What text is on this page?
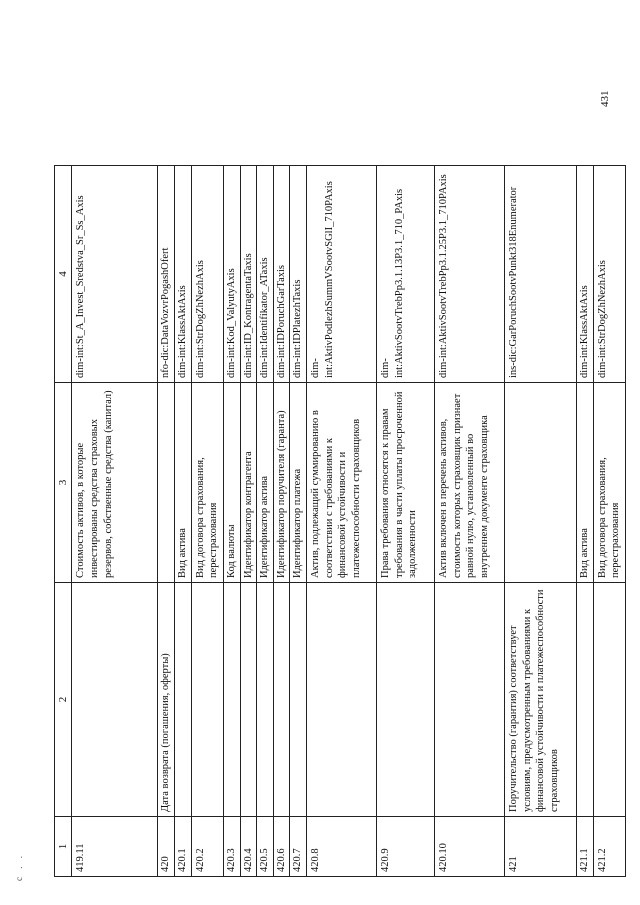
с . .
1	2	3	4
419.11		Стоимость активов, в которые инвестированы средства страховых резервов, собственные средства (капитал)	dim-int:St_A_Invest_Sredstva_Sr_Ss_Axis
420	Дата возврата (погашения, оферты)		nfo-dic:DataVozvrPogashOfert
420.1		Вид актива	dim-int:KlassAktAxis
420.2		Вид договора страхования, перестрахования	dim-int:StrDogZhNezhAxis
420.3		Код валюты	dim-int:Kod_ValyutyAxis
420.4		Идентификатор контрагента	dim-int:ID_KontragentaTaxis
420.5		Идентификатор актива	dim-int:Identifikator_ATaxis
420.6		Идентификатор поручителя (гаранта)	dim-int:IDPoruchGarTaxis
420.7		Идентификатор платежа	dim-int:IDPlatezhTaxis
420.8		Актив, подлежащий суммированию в соответствии с требованиями к финансовой устойчивости и платежеспособности страховщиков	dim-int:AktivPodlezhSummVSootvSGlI_710PAxis
420.9		Права требования относятся к правам требования в части уплаты просроченной задолженности	dim-int:AktivSootvTrebPp3.1.13P3.1_710_PAxis
420.10		Актив включен в перечень активов, стоимость которых страховщик признает равной нулю, установленный во внутреннем документе страховщика	dim-int:AktivSootvTrebPp3.1.25P3.1_710PAxis
421	Поручительство (гарантия) соответствует условиям, предусмотренным требованиями к финансовой устойчивости и платежеспособности страховщиков		ins-dic:GarPoruchSootvPunkt318Enumerator
421.1		Вид актива	dim-int:KlassAktAxis
421.2		Вид договора страхования, перестрахования	dim-int:StrDogZhNezhAxis
431
